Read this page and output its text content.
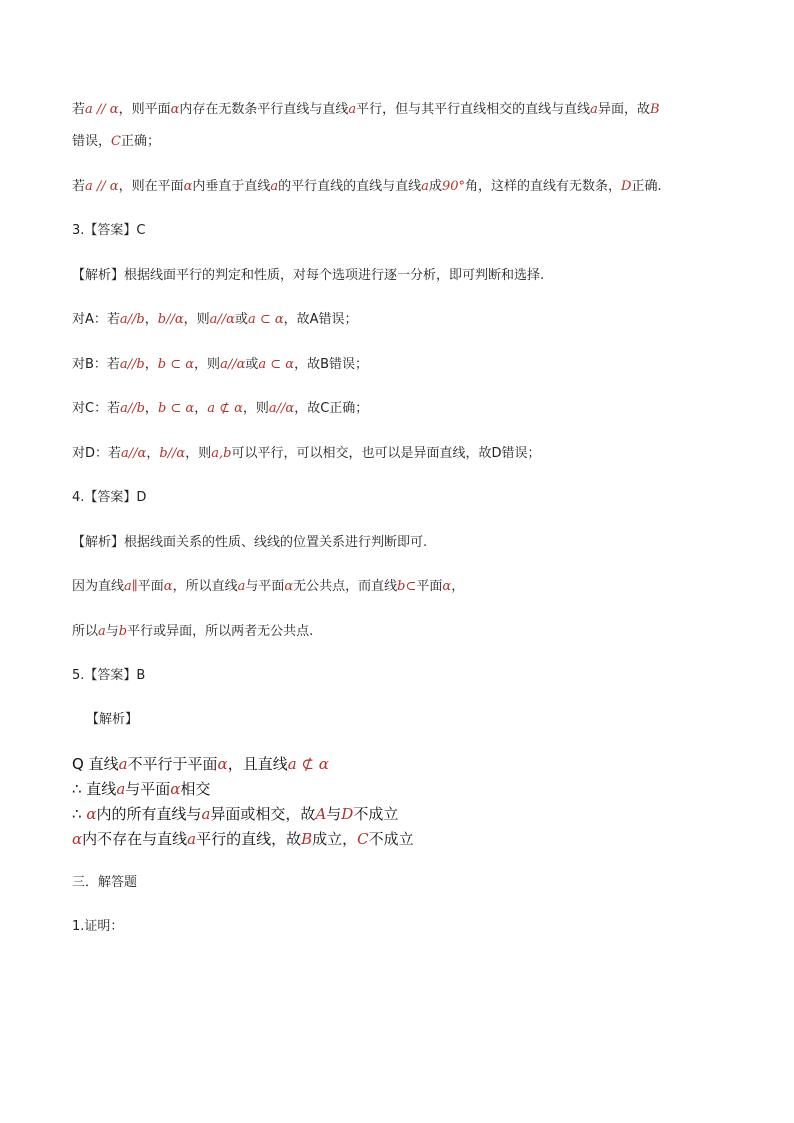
若a // α，则平面α内存在无数条平行直线与直线a平行，但与其平行直线相交的直线与直线a异面，故B
错误，C正确；
若a // α，则在平面α内垂直于直线a的平行直线的直线与直线a成90°角，这样的直线有无数条，D正确.
3.【答案】C
【解析】根据线面平行的判定和性质，对每个选项进行逐一分析，即可判断和选择.
对A：若a//b，b//α，则a//α或a ⊂ α，故A错误；
对B：若a//b，b ⊂ α，则a//α或a ⊂ α，故B错误；
对C：若a//b，b ⊂ α，a ⊄ α，则a//α，故C正确；
对D：若a//α，b//α，则a,b可以平行，可以相交，也可以是异面直线，故D错误；
4.【答案】D
【解析】根据线面关系的性质、线线的位置关系进行判断即可.
因为直线a∥平面α，所以直线a与平面α无公共点，而直线b⊂平面α，
所以a与b平行或异面，所以两者无公共点.
5.【答案】B
【解析】
Q 直线a不平行于平面α，且直线a ⊄ α
∴ 直线a与平面α相交
∴ α内的所有直线与a异面或相交，故A与D不成立
α内不存在与直线a平行的直线，故B成立，C不成立
三．解答题
1.证明：
